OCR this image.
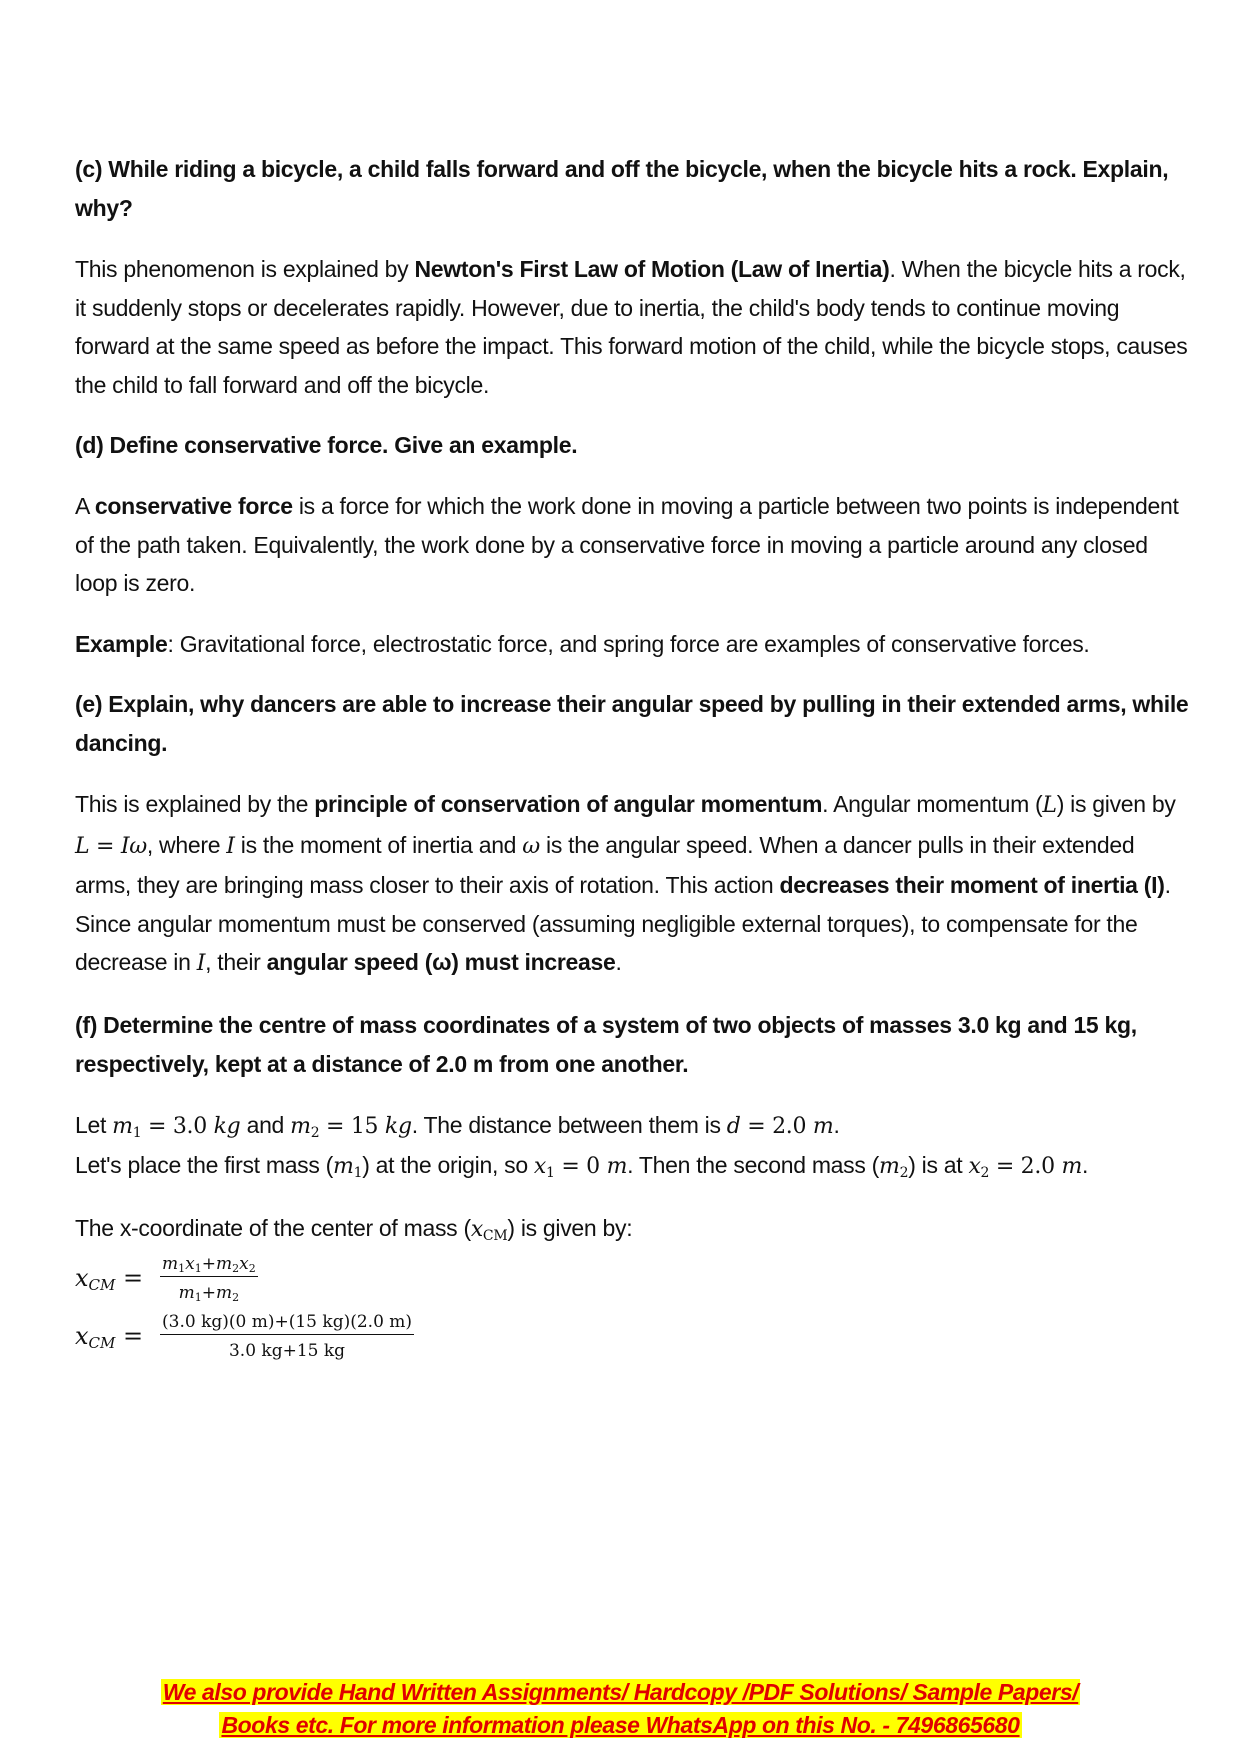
(c) While riding a bicycle, a child falls forward and off the bicycle, when the bicycle hits a rock. Explain, why?

This phenomenon is explained by Newton's First Law of Motion (Law of Inertia). When the bicycle hits a rock, it suddenly stops or decelerates rapidly. However, due to inertia, the child's body tends to continue moving forward at the same speed as before the impact. This forward motion of the child, while the bicycle stops, causes the child to fall forward and off the bicycle.

(d) Define conservative force. Give an example.

A conservative force is a force for which the work done in moving a particle between two points is independent of the path taken. Equivalently, the work done by a conservative force in moving a particle around any closed loop is zero.

Example: Gravitational force, electrostatic force, and spring force are examples of conservative forces.

(e) Explain, why dancers are able to increase their angular speed by pulling in their extended arms, while dancing.

This is explained by the principle of conservation of angular momentum. Angular momentum (L) is given by L = Iω, where I is the moment of inertia and ω is the angular speed. When a dancer pulls in their extended arms, they are bringing mass closer to their axis of rotation. This action decreases their moment of inertia (I). Since angular momentum must be conserved (assuming negligible external torques), to compensate for the decrease in I, their angular speed (ω) must increase.

(f) Determine the centre of mass coordinates of a system of two objects of masses 3.0 kg and 15 kg, respectively, kept at a distance of 2.0 m from one another.

Let $m_1 = 3.0$ kg and $m_2 = 15$ kg. The distance between them is d = 2.0 m.

Let's place the first mass $(m_1)$ at the origin, so $x_1 = 0$ m. Then the second mass $(m_2)$ is at $x_2 = 2.0$ m.

The x-coordinate of the center of mass $(x_{CM})$ is given by:

$x_{CM} = \frac{m_1x_1+m_2x_2}{m_1+m_2}$
$x_{CM} = \frac{(3.0 kg)(0 m)+(15 kg)(2.0 m)}{3.0 kg+15 kg}$
We also provide Hand Written Assignments/ Hardcopy /PDF Solutions/ Sample Papers/
Books etc. For more information please WhatsApp on this No. - 7496865680
